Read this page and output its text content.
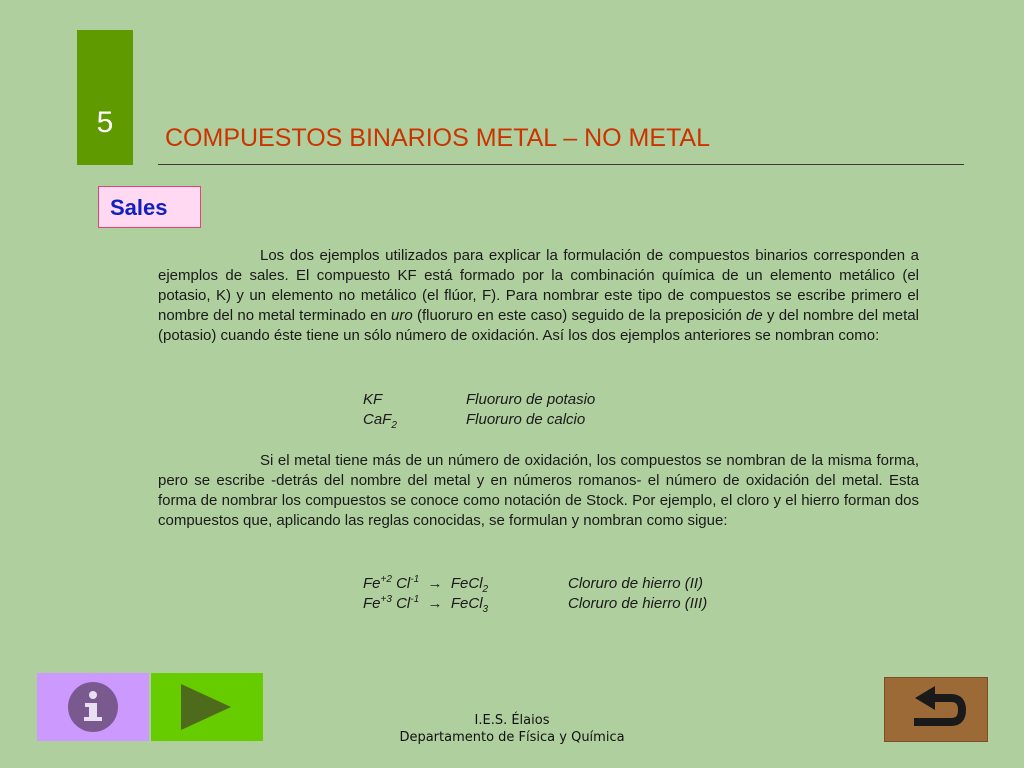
5	COMPUESTOS BINARIOS METAL – NO METAL
Sales

Los dos ejemplos utilizados para explicar la formulación de compuestos binarios corresponden a ejemplos de sales. El compuesto KF está formado por la combinación química de un elemento metálico (el potasio, K) y un elemento no metálico (el flúor, F). Para nombrar este tipo de compuestos se escribe primero el nombre del no metal terminado en uro (fluoruro en este caso) seguido de la preposición de y del nombre del metal (potasio) cuando éste tiene un sólo número de oxidación. Así los dos ejemplos anteriores se nombran como:

KF	Fluoruro de potasio
CaF$_2$	Fluoruro de calcio

Si el metal tiene más de un número de oxidación, los compuestos se nombran de la misma forma, pero se escribe -detrás del nombre del metal y en números romanos- el número de oxidación del metal. Esta forma de nombrar los compuestos se conoce como notación de Stock. Por ejemplo, el cloro y el hierro forman dos compuestos que, aplicando las reglas conocidas, se formulan y nombran como sigue:

$Fe^{+2}$ $Cl^{-1}$ → FeCl$_2$	Cloruro de hierro (II)
$Fe^{+3}$ $Cl^{-1}$ → FeCl$_3$	Cloruro de hierro (III)
I.E.S. Élaios
Departamento de Física y Química
